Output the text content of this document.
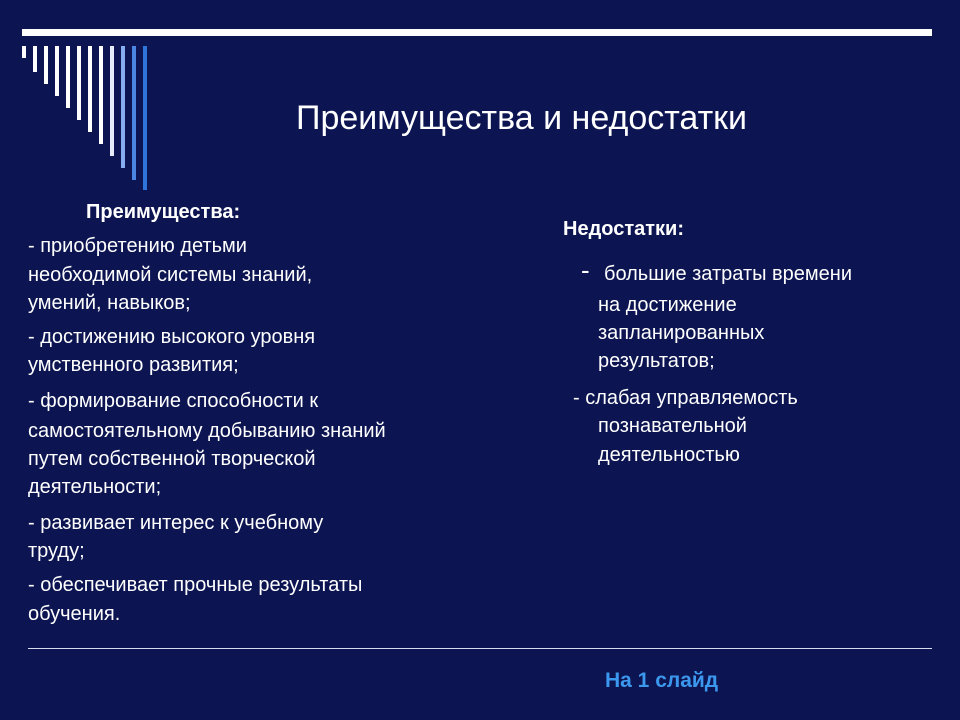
Преимущества и недостатки
Преимущества:
- приобретению детьми
необходимой системы знаний,
умений, навыков;
- достижению высокого уровня
умственного развития;
- формирование способности к
самостоятельному добыванию знаний
путем собственной творческой
деятельности;
- развивает интерес к учебному
труду;
- обеспечивает прочные результаты
обучения.
Недостатки:
- большие затраты времени
на достижение
запланированных
результатов;
- слабая управляемость
познавательной
деятельностью
На 1 слайд
